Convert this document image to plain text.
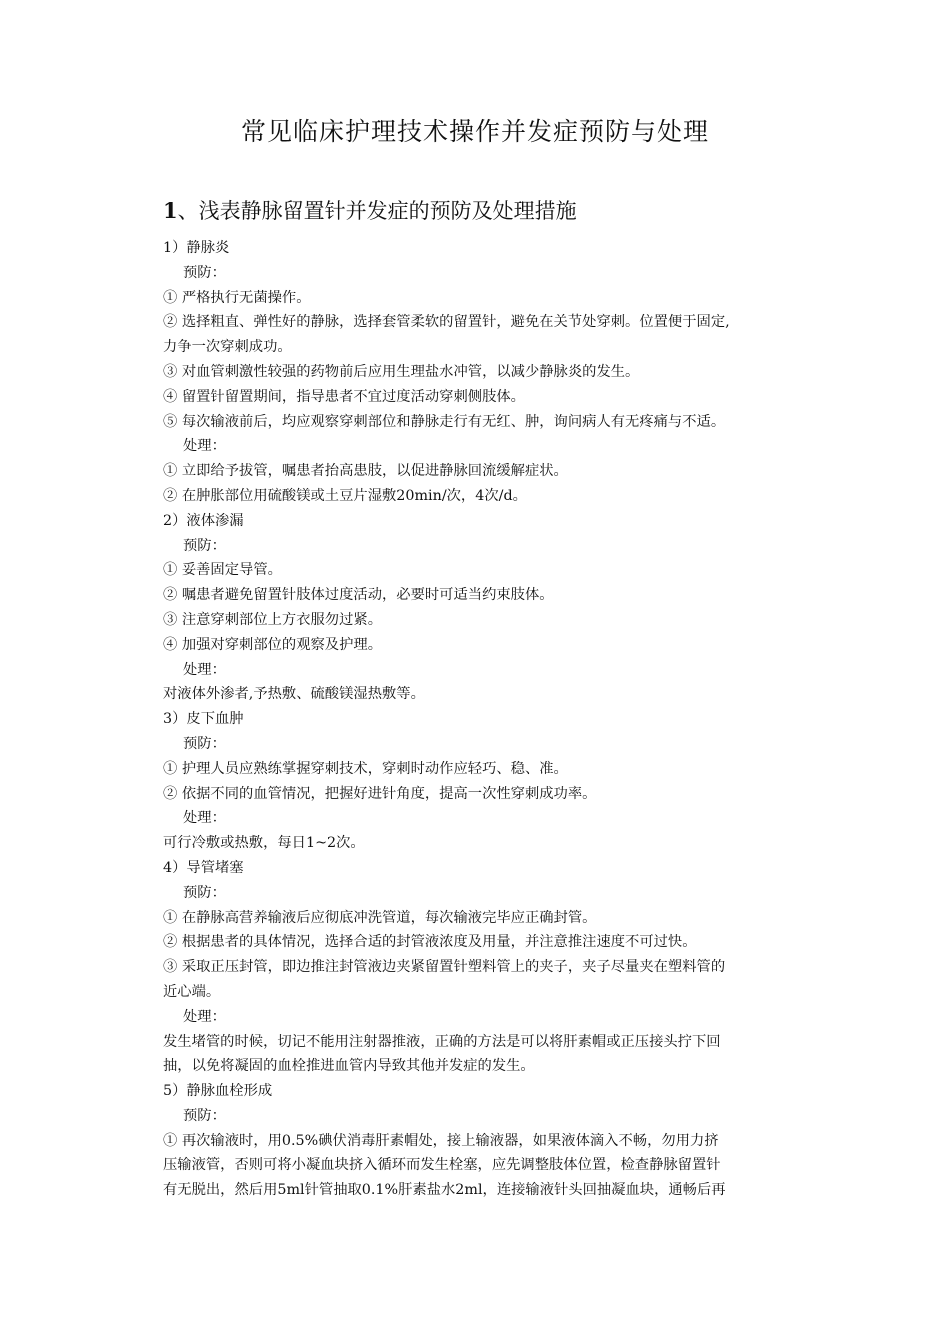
常见临床护理技术操作并发症预防与处理
1、浅表静脉留置针并发症的预防及处理措施
1）静脉炎
预防：
① 严格执行无菌操作。
② 选择粗直、弹性好的静脉，选择套管柔软的留置针，避免在关节处穿刺。位置便于固定,
力争一次穿刺成功。
③ 对血管刺激性较强的药物前后应用生理盐水冲管，以减少静脉炎的发生。
④ 留置针留置期间，指导患者不宜过度活动穿刺侧肢体。
⑤ 每次输液前后，均应观察穿刺部位和静脉走行有无红、肿，询问病人有无疼痛与不适。
处理：
① 立即给予拔管，嘱患者抬高患肢，以促进静脉回流缓解症状。
② 在肿胀部位用硫酸镁或土豆片湿敷20min/次，4次/d。
2）液体渗漏
预防：
① 妥善固定导管。
② 嘱患者避免留置针肢体过度活动，必要时可适当约束肢体。
③ 注意穿刺部位上方衣服勿过紧。
④ 加强对穿刺部位的观察及护理。
处理：
对液体外渗者,予热敷、硫酸镁湿热敷等。
3）皮下血肿
预防：
① 护理人员应熟练掌握穿刺技术，穿刺时动作应轻巧、稳、准。
② 依据不同的血管情况，把握好进针角度，提高一次性穿刺成功率。
处理：
可行冷敷或热敷，每日1~2次。
4）导管堵塞
预防：
① 在静脉高营养输液后应彻底冲洗管道，每次输液完毕应正确封管。
② 根据患者的具体情况，选择合适的封管液浓度及用量，并注意推注速度不可过快。
③ 采取正压封管，即边推注封管液边夹紧留置针塑料管上的夹子，夹子尽量夹在塑料管的
近心端。
处理：
发生堵管的时候，切记不能用注射器推液，正确的方法是可以将肝素帽或正压接头拧下回
抽，以免将凝固的血栓推进血管内导致其他并发症的发生。
5）静脉血栓形成
预防：
① 再次输液时，用0.5%碘伏消毒肝素帽处，接上输液器，如果液体滴入不畅，勿用力挤
压输液管，否则可将小凝血块挤入循环而发生栓塞，应先调整肢体位置，检查静脉留置针
有无脱出，然后用5ml针管抽取0.1%肝素盐水2ml，连接输液针头回抽凝血块，通畅后再
